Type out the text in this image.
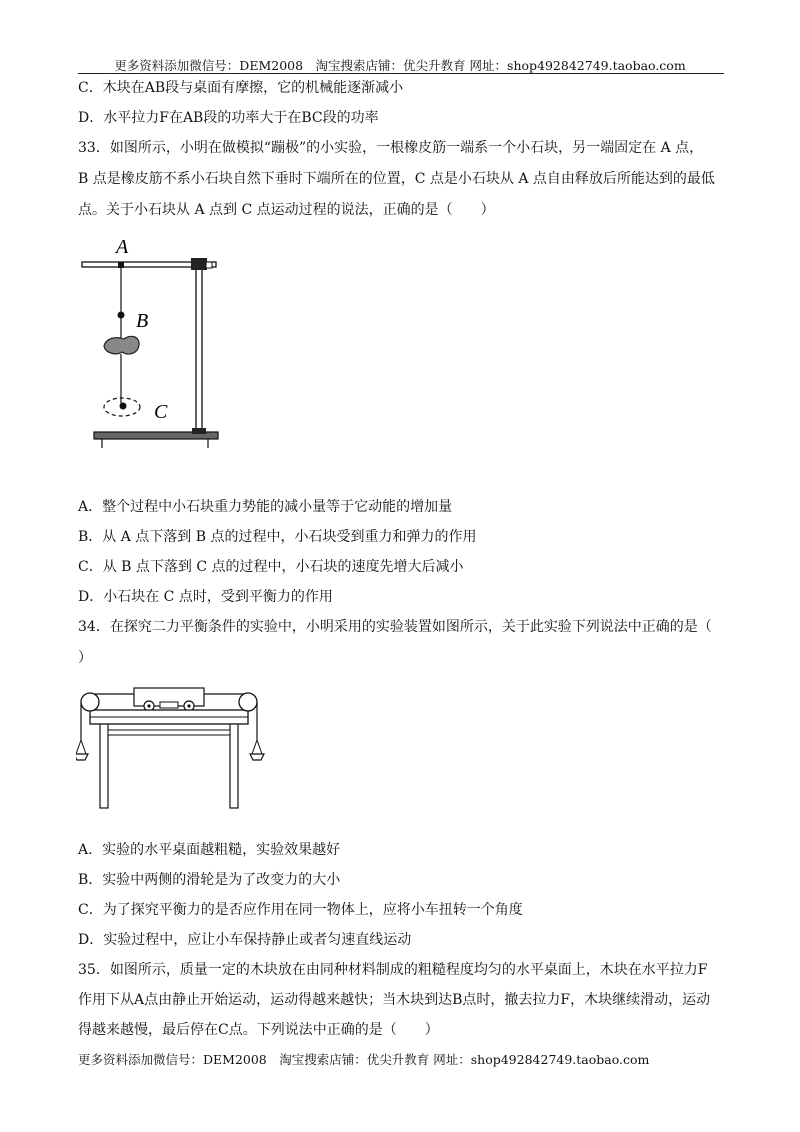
更多资料添加微信号：DEM2008　淘宝搜索店铺：优尖升教育 网址：shop492842749.taobao.com
C．木块在AB段与桌面有摩擦，它的机械能逐渐减小
D．水平拉力F在AB段的功率大于在BC段的功率
33．如图所示，小明在做模拟“蹦极”的小实验，一根橡皮筋一端系一个小石块，另一端固定在 A 点，
B 点是橡皮筋不系小石块自然下垂时下端所在的位置，C 点是小石块从 A 点自由释放后所能达到的最低
点。关于小石块从 A 点到 C 点运动过程的说法，正确的是（　　）
A
B
C
A．整个过程中小石块重力势能的减小量等于它动能的增加量
B．从 A 点下落到 B 点的过程中，小石块受到重力和弹力的作用
C．从 B 点下落到 C 点的过程中，小石块的速度先增大后减小
D．小石块在 C 点时，受到平衡力的作用
34．在探究二力平衡条件的实验中，小明采用的实验装置如图所示，关于此实验下列说法中正确的是（
）
A．实验的水平桌面越粗糙，实验效果越好
B．实验中两侧的滑轮是为了改变力的大小
C．为了探究平衡力的是否应作用在同一物体上，应将小车扭转一个角度
D．实验过程中，应让小车保持静止或者匀速直线运动
35．如图所示，质量一定的木块放在由同种材料制成的粗糙程度均匀的水平桌面上，木块在水平拉力F
作用下从A点由静止开始运动，运动得越来越快；当木块到达B点时，撤去拉力F，木块继续滑动，运动
得越来越慢，最后停在C点。下列说法中正确的是（　　）
更多资料添加微信号：DEM2008　淘宝搜索店铺：优尖升教育 网址：shop492842749.taobao.com
